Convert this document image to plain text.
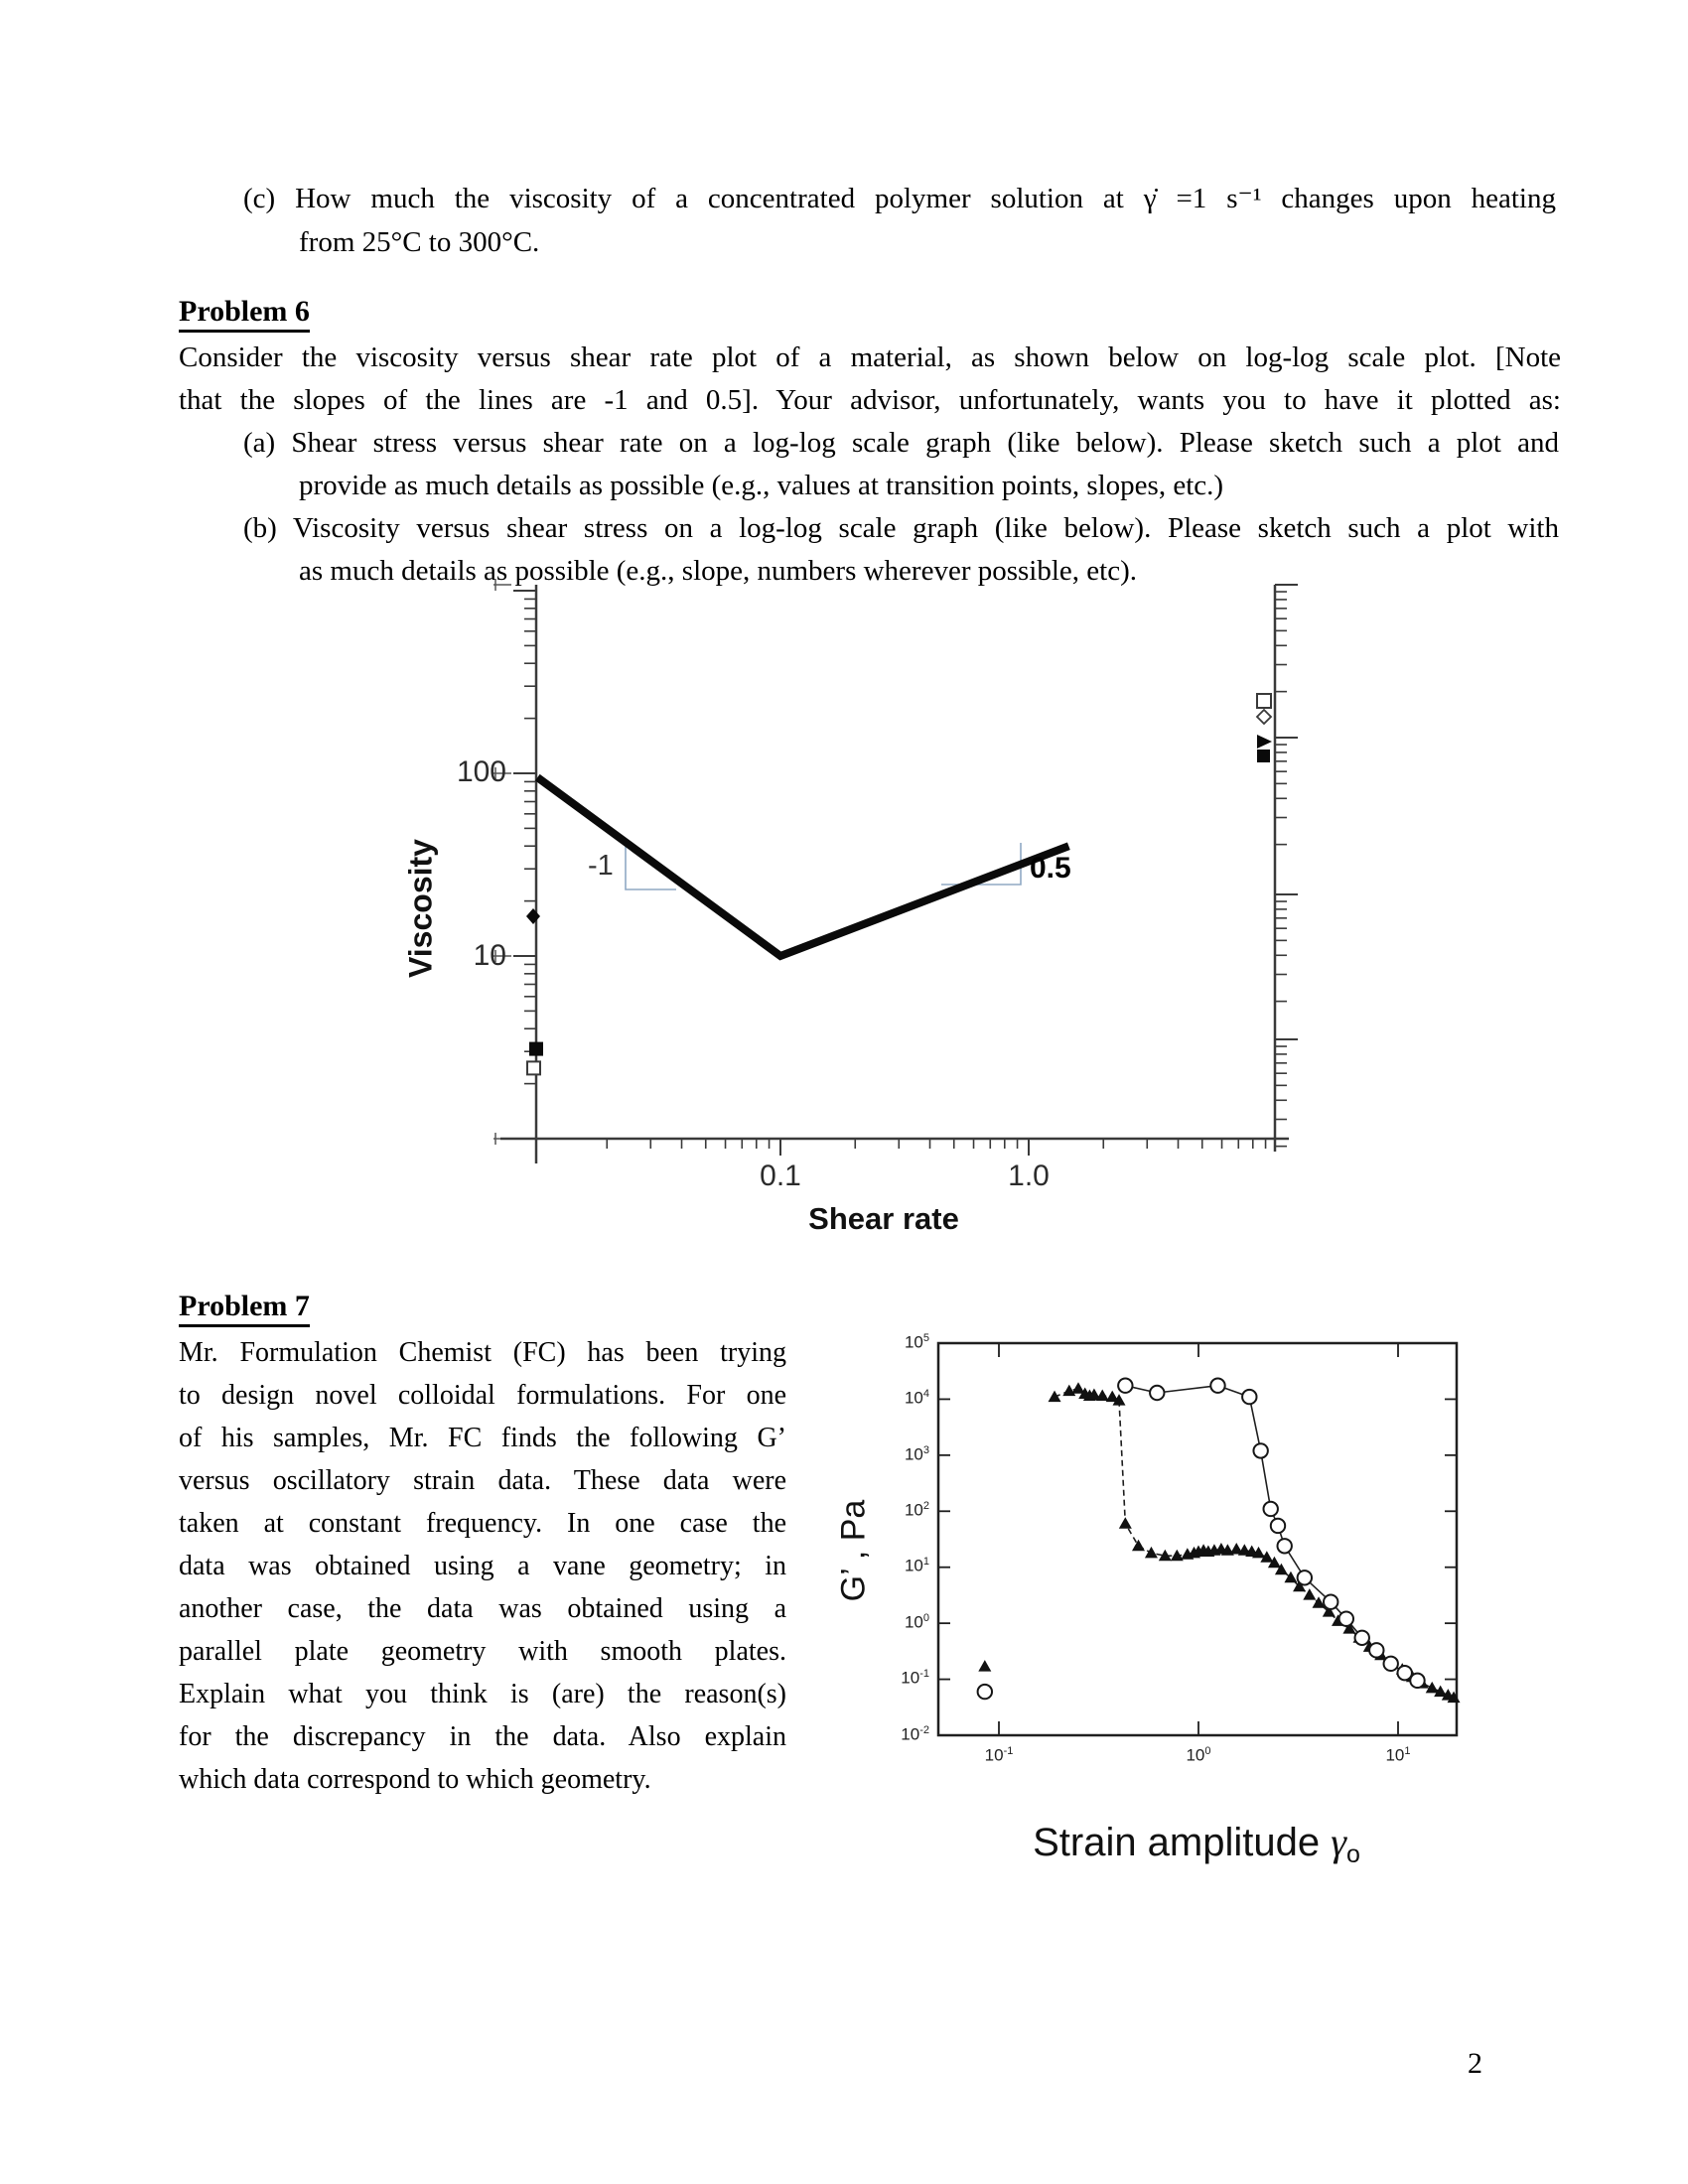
(c) How much the viscosity of a concentrated polymer solution at γ̇ =1 s⁻¹ changes upon heating
from 25°C to 300°C.
Problem 6
Consider the viscosity versus shear rate plot of a material, as shown below on log-log scale plot. [Note
that the slopes of the lines are -1 and 0.5]. Your advisor, unfortunately, wants you to have it plotted as:
(a) Shear stress versus shear rate on a log-log scale graph (like below). Please sketch such a plot and
provide as much details as possible (e.g., values at transition points, slopes, etc.)
(b) Viscosity versus shear stress on a log-log scale graph (like below). Please sketch such a plot with
as much details as possible (e.g., slope, numbers wherever possible, etc).
100
10
0.1	1.0
Shear rate
Viscosity	-1	0.5
Problem 7
Mr. Formulation Chemist (FC) has been trying
to design novel colloidal formulations. For one
of his samples, Mr. FC finds the following G’
versus oscillatory strain data. These data were
taken at constant frequency. In one case the
data was obtained using a vane geometry; in
another case, the data was obtained using a
parallel plate geometry with smooth plates.
Explain what you think is (are) the reason(s)
for the discrepancy in the data. Also explain
which data correspond to which geometry.
$10^5$
$10^4$
$10^3$
$10^2$
$10^1$
$10^0$
$10^{-1}$
$10^{-2}$
$10^{-1}$	$10^0$	$10^1$
G’ , Pa
Strain amplitude γo
2
